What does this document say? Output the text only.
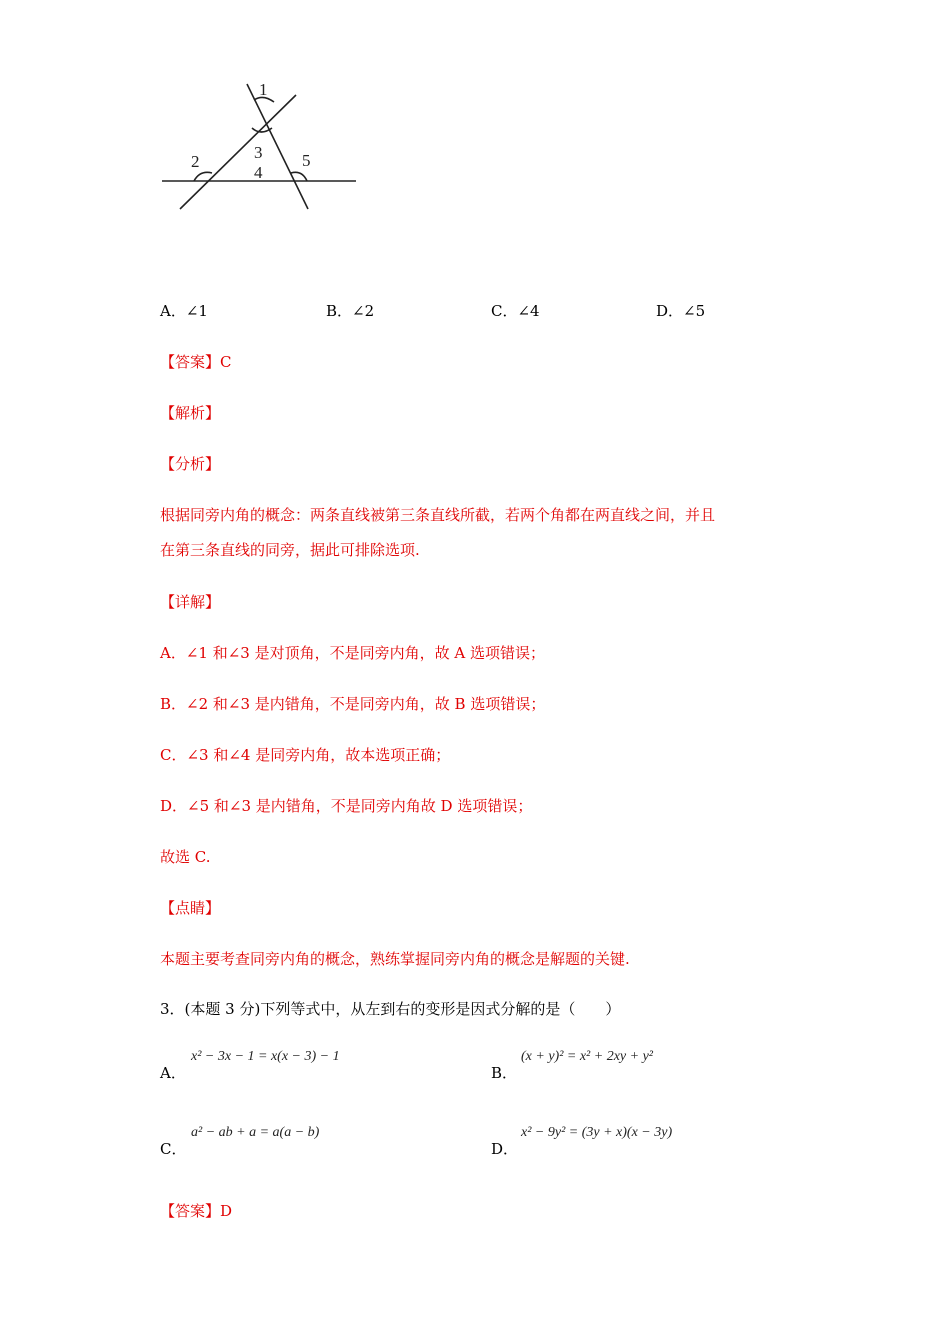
1
2	3
4
5
A．∠1	B．∠2	C．∠4	D．∠5
【答案】C
【解析】
【分析】
根据同旁内角的概念：两条直线被第三条直线所截，若两个角都在两直线之间，并且
在第三条直线的同旁，据此可排除选项.
【详解】
A．∠1 和∠3 是对顶角，不是同旁内角，故 A 选项错误；
B．∠2 和∠3 是内错角，不是同旁内角，故 B 选项错误；
C．∠3 和∠4 是同旁内角，故本选项正确；
D．∠5 和∠3 是内错角，不是同旁内角故 D 选项错误；
故选 C.
【点睛】
本题主要考查同旁内角的概念，熟练掌握同旁内角的概念是解题的关键.
3．(本题 3 分)下列等式中，从左到右的变形是因式分解的是（　　）
A．
x² − 3x − 1 = x(x − 3) − 1
B．
(x + y)² = x² + 2xy + y²
C．
a² − ab + a = a(a − b)
D．
x² − 9y² = (3y + x)(x − 3y)
【答案】D
